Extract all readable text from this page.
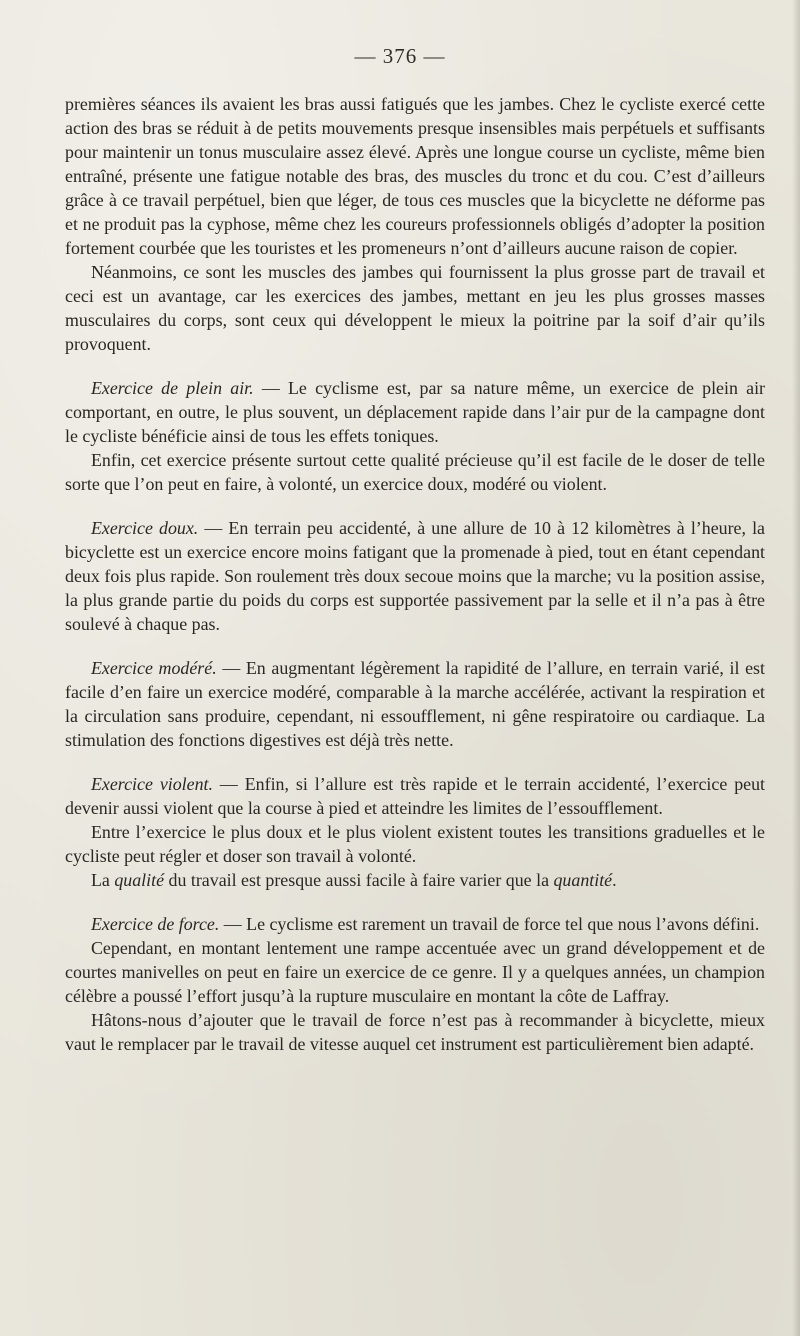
— 376 —

premières séances ils avaient les bras aussi fatigués que les jambes. Chez le cycliste exercé cette action des bras se réduit à de petits mouvements presque insensibles mais perpétuels et suffisants pour maintenir un tonus musculaire assez élevé. Après une longue course un cycliste, même bien entraîné, présente une fatigue notable des bras, des muscles du tronc et du cou. C’est d’ailleurs grâce à ce travail perpétuel, bien que léger, de tous ces muscles que la bicyclette ne déforme pas et ne produit pas la cyphose, même chez les coureurs professionnels obligés d’adopter la position fortement courbée que les touristes et les promeneurs n’ont d’ailleurs aucune raison de copier.

Néanmoins, ce sont les muscles des jambes qui fournissent la plus grosse part de travail et ceci est un avantage, car les exercices des jambes, mettant en jeu les plus grosses masses musculaires du corps, sont ceux qui développent le mieux la poitrine par la soif d’air qu’ils provoquent.

Exercice de plein air. — Le cyclisme est, par sa nature même, un exercice de plein air comportant, en outre, le plus souvent, un déplacement rapide dans l’air pur de la campagne dont le cycliste bénéficie ainsi de tous les effets toniques.

Enfin, cet exercice présente surtout cette qualité précieuse qu’il est facile de le doser de telle sorte que l’on peut en faire, à volonté, un exercice doux, modéré ou violent.

Exercice doux. — En terrain peu accidenté, à une allure de 10 à 12 kilomètres à l’heure, la bicyclette est un exercice encore moins fatigant que la promenade à pied, tout en étant cependant deux fois plus rapide. Son roulement très doux secoue moins que la marche; vu la position assise, la plus grande partie du poids du corps est supportée passivement par la selle et il n’a pas à être soulevé à chaque pas.

Exercice modéré. — En augmentant légèrement la rapidité de l’allure, en terrain varié, il est facile d’en faire un exercice modéré, comparable à la marche accélérée, activant la respiration et la circulation sans produire, cependant, ni essoufflement, ni gêne respiratoire ou cardiaque. La stimulation des fonctions digestives est déjà très nette.

Exercice violent. — Enfin, si l’allure est très rapide et le terrain accidenté, l’exercice peut devenir aussi violent que la course à pied et atteindre les limites de l’essoufflement.

Entre l’exercice le plus doux et le plus violent existent toutes les transitions graduelles et le cycliste peut régler et doser son travail à volonté.

La qualité du travail est presque aussi facile à faire varier que la quantité.

Exercice de force. — Le cyclisme est rarement un travail de force tel que nous l’avons défini.

Cependant, en montant lentement une rampe accentuée avec un grand développement et de courtes manivelles on peut en faire un exercice de ce genre. Il y a quelques années, un champion célèbre a poussé l’effort jusqu’à la rupture musculaire en montant la côte de Laffray.

Hâtons-nous d’ajouter que le travail de force n’est pas à recommander à bicyclette, mieux vaut le remplacer par le travail de vitesse auquel cet instrument est particulièrement bien adapté.
